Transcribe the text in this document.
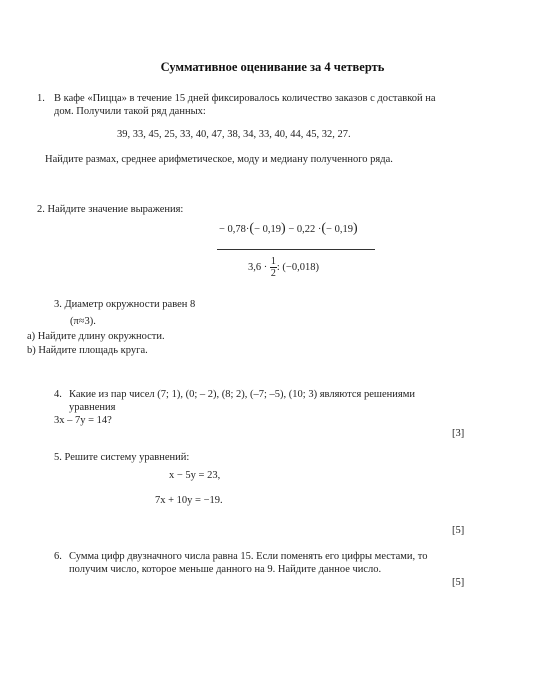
Суммативное оценивание за 4 четверть
1. В кафе «Пицца» в течение 15 дней фиксировалось количество заказов с доставкой на
дом. Получили такой ряд данных:
39, 33, 45, 25, 33, 40, 47, 38, 34, 33, 40, 44, 45, 32, 27.
Найдите размах, среднее арифметическое, моду и медиану полученного ряда.
2. Найдите значение выражения:
− 0,78·(− 0,19) − 0,22 ·(− 0,19)
$3,6 \cdot \frac{1}{2}$ : (−0,018)
3. Диаметр окружности равен 8
(π≈3).
a) Найдите длину окружности.
b) Найдите площадь круга.
4. Какие из пар чисел (7; 1), (0; – 2), (8; 2), (–7; –5), (10; 3) являются решениями
уравнения
3x – 7y = 14?
[3]
5. Решите систему уравнений:
x − 5y = 23,
7x + 10y = −19.
[5]
6. Сумма цифр двузначного числа равна 15. Если поменять его цифры местами, то
получим число, которое меньше данного на 9. Найдите данное число.
[5]
